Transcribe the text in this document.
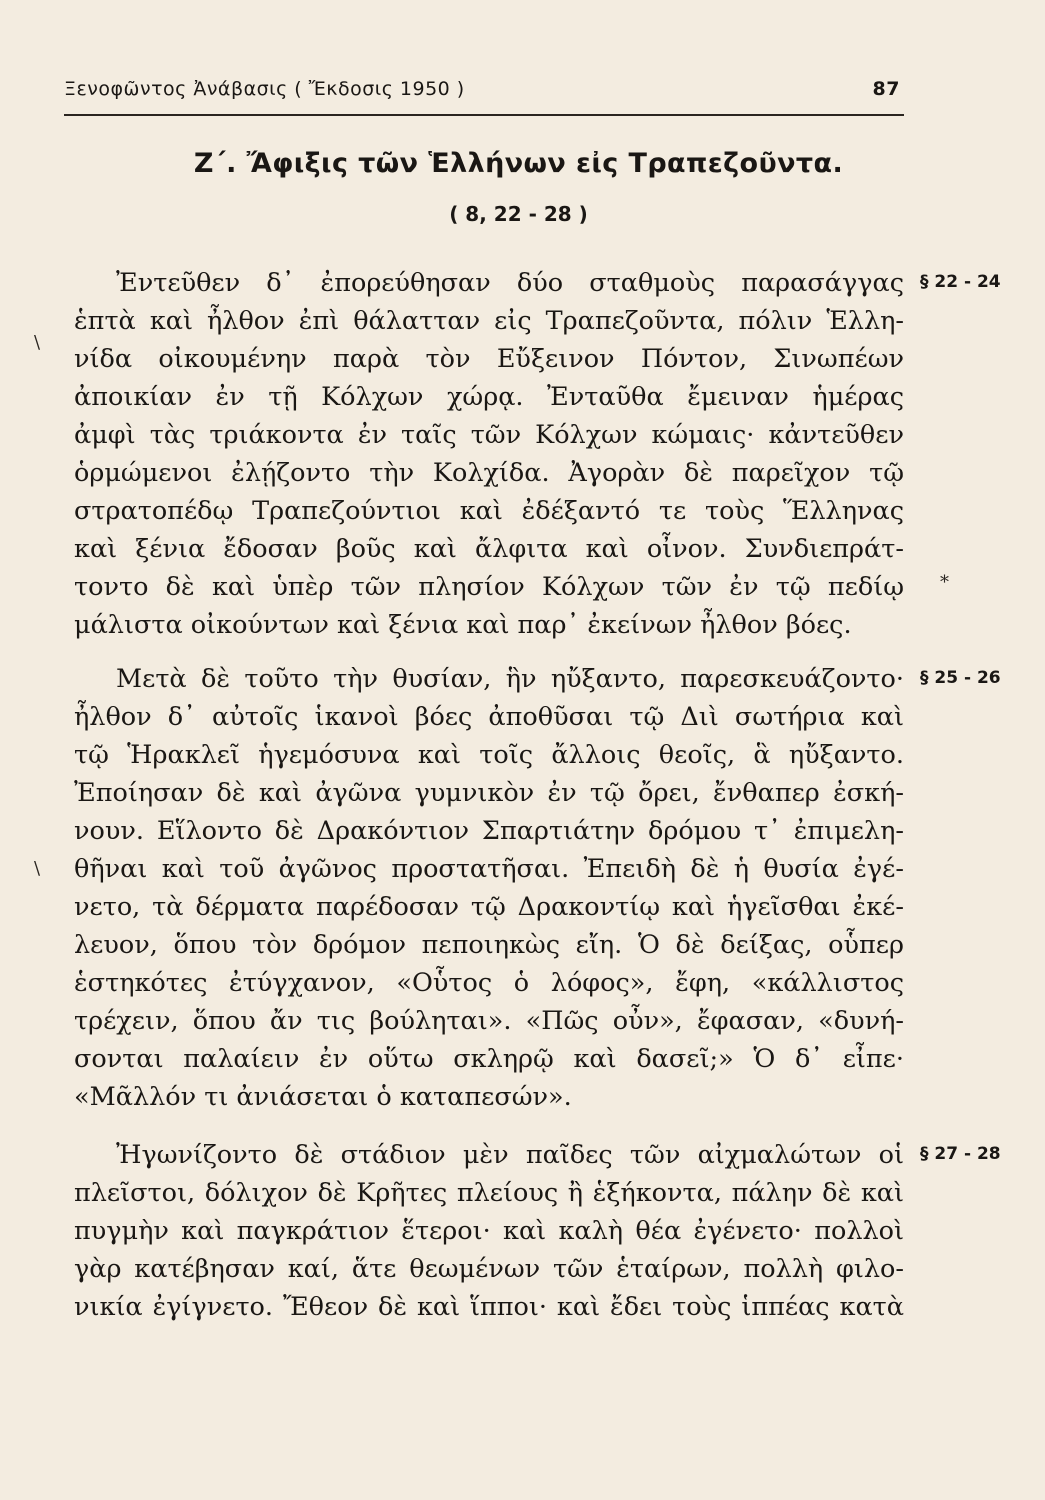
Ξενοφῶντος Ἀνάβασις ( Ἔκδοσις 1950 )	87
Ζ΄. Ἄφιξις τῶν Ἑλλήνων εἰς Τραπεζοῦντα.
( 8, 22 - 28 )
Ἐντεῦθεν δ᾽ ἐπορεύθησαν δύο σταθμοὺς παρασάγγας
ἑπτὰ καὶ ἦλθον ἐπὶ θάλατταν εἰς Τραπεζοῦντα, πόλιν Ἑλλη-
νίδα οἰκουμένην παρὰ τὸν Εὔξεινον Πόντον, Σινωπέων
ἀποικίαν ἐν τῇ Κόλχων χώρᾳ. Ἐνταῦθα ἔμειναν ἡμέρας
ἀμφὶ τὰς τριάκοντα ἐν ταῖς τῶν Κόλχων κώμαις· κἀντεῦθεν
ὁρμώμενοι ἐλῄζοντο τὴν Κολχίδα. Ἀγορὰν δὲ παρεῖχον τῷ
στρατοπέδῳ Τραπεζούντιοι καὶ ἐδέξαντό τε τοὺς Ἕλληνας
καὶ ξένια ἔδοσαν βοῦς καὶ ἄλφιτα καὶ οἶνον. Συνδιεπράτ-
τοντο δὲ καὶ ὑπὲρ τῶν πλησίον Κόλχων τῶν ἐν τῷ πεδίῳ
μάλιστα οἰκούντων καὶ ξένια καὶ παρ᾽ ἐκείνων ἦλθον βόες.
Μετὰ δὲ τοῦτο τὴν θυσίαν, ἣν ηὔξαντο, παρεσκευάζοντο·
ἦλθον δ᾽ αὐτοῖς ἱκανοὶ βόες ἀποθῦσαι τῷ Διὶ σωτήρια καὶ
τῷ Ἡρακλεῖ ἡγεμόσυνα καὶ τοῖς ἄλλοις θεοῖς, ἃ ηὔξαντο.
Ἐποίησαν δὲ καὶ ἀγῶνα γυμνικὸν ἐν τῷ ὄρει, ἔνθαπερ ἐσκή-
νουν. Εἵλοντο δὲ Δρακόντιον Σπαρτιάτην δρόμου τ᾽ ἐπιμελη-
θῆναι καὶ τοῦ ἀγῶνος προστατῆσαι. Ἐπειδὴ δὲ ἡ θυσία ἐγέ-
νετο, τὰ δέρματα παρέδοσαν τῷ Δρακοντίῳ καὶ ἡγεῖσθαι ἐκέ-
λευον, ὅπου τὸν δρόμον πεποιηκὼς εἴη. Ὁ δὲ δείξας, οὗπερ
ἑστηκότες ἐτύγχανον, «Οὗτος ὁ λόφος», ἔφη, «κάλλιστος
τρέχειν, ὅπου ἄν τις βούληται». «Πῶς οὖν», ἔφασαν, «δυνή-
σονται παλαίειν ἐν οὕτω σκληρῷ καὶ δασεῖ;» Ὁ δ᾽ εἶπε·
«Μᾶλλόν τι ἀνιάσεται ὁ καταπεσών».
Ἠγωνίζοντο δὲ στάδιον μὲν παῖδες τῶν αἰχμαλώτων οἱ
πλεῖστοι, δόλιχον δὲ Κρῆτες πλείους ἢ ἑξήκοντα, πάλην δὲ καὶ
πυγμὴν καὶ παγκράτιον ἕτεροι· καὶ καλὴ θέα ἐγένετο· πολλοὶ
γὰρ κατέβησαν καί, ἅτε θεωμένων τῶν ἑταίρων, πολλὴ φιλο-
νικία ἐγίγνετο. Ἔθεον δὲ καὶ ἵπποι· καὶ ἔδει τοὺς ἱππέας κατὰ
§ 22 - 24
§ 25 - 26
§ 27 - 28
\
\
*
